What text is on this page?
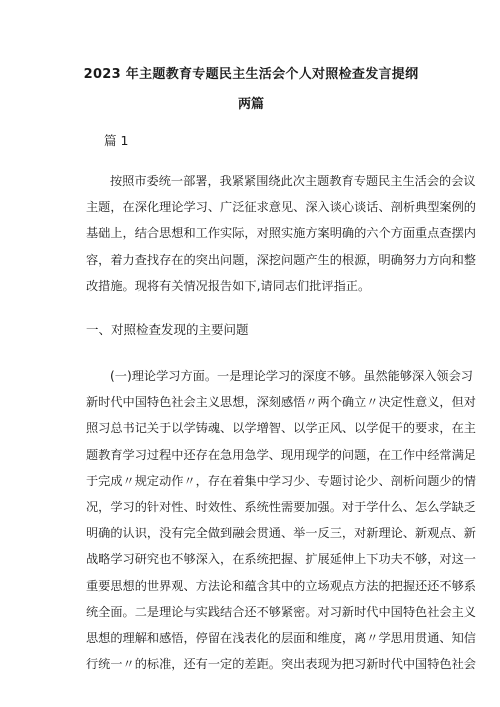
2023 年主题教育专题民主生活会个人对照检查发言提纲
两篇
篇 1
按照市委统一部署，我紧紧围绕此次主题教育专题民主生活会的会议
主题，在深化理论学习、广泛征求意见、深入谈心谈话、剖析典型案例的
基础上，结合思想和工作实际，对照实施方案明确的六个方面重点查摆内
容，着力查找存在的突出问题，深挖问题产生的根源，明确努力方向和整
改措施。现将有关情况报告如下,请同志们批评指正。
一、对照检查发现的主要问题
(一)理论学习方面。一是理论学习的深度不够。虽然能够深入领会习
新时代中国特色社会主义思想，深刻感悟〃两个确立〃决定性意义，但对
照习总书记关于以学铸魂、以学增智、以学正风、以学促干的要求，在主
题教育学习过程中还存在急用急学、现用现学的问题，在工作中经常满足
于完成〃规定动作〃，存在着集中学习少、专题讨论少、剖析问题少的情
况，学习的针对性、时效性、系统性需要加强。对于学什么、怎么学缺乏
明确的认识，没有完全做到融会贯通、举一反三，对新理论、新观点、新
战略学习研究也不够深入，在系统把握、扩展延伸上下功夫不够，对这一
重要思想的世界观、方法论和蕴含其中的立场观点方法的把握还还不够系
统全面。二是理论与实践结合还不够紧密。对习新时代中国特色社会主义
思想的理解和感悟，停留在浅表化的层面和维度，离〃学思用贯通、知信
行统一〃的标准，还有一定的差距。突出表现为把习新时代中国特色社会
